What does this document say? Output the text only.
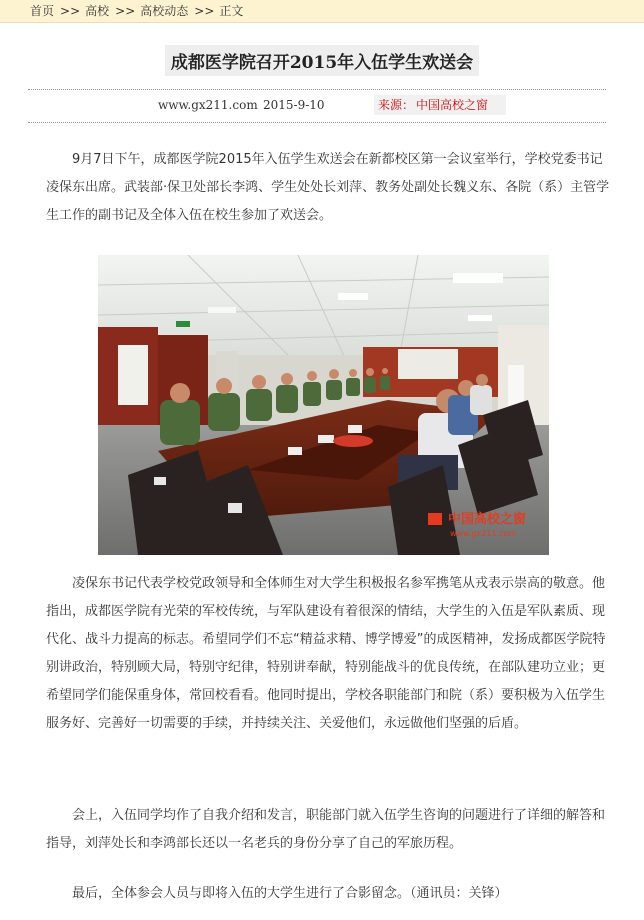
首页 >> 高校 >> 高校动态 >> 正文
成都医学院召开2015年入伍学生欢送会
www.gx211.com 2015-9-10	来源： 中国高校之窗

9月7日下午，成都医学院2015年入伍学生欢送会在新都校区第一会议室举行，学校党委书记凌保东出席。武装部·保卫处部长李鸿、学生处处长刘萍、教务处副处长魏义东、各院（系）主管学生工作的副书记及全体入伍在校生参加了欢送会。

中国高校之窗
www.gx211.com

凌保东书记代表学校党政领导和全体师生对大学生积极报名参军携笔从戎表示崇高的敬意。他指出，成都医学院有光荣的军校传统，与军队建设有着很深的情结，大学生的入伍是军队素质、现代化、战斗力提高的标志。希望同学们不忘“精益求精、博学博爱”的成医精神，发扬成都医学院特别讲政治，特别顾大局，特别守纪律，特别讲奉献，特别能战斗的优良传统，在部队建功立业；更希望同学们能保重身体，常回校看看。他同时提出，学校各职能部门和院（系）要积极为入伍学生服务好、完善好一切需要的手续，并持续关注、关爱他们，永远做他们坚强的后盾。

会上，入伍同学均作了自我介绍和发言，职能部门就入伍学生咨询的问题进行了详细的解答和指导，刘萍处长和李鸿部长还以一名老兵的身份分享了自己的军旅历程。

最后，全体参会人员与即将入伍的大学生进行了合影留念。（通讯员：关锋）
